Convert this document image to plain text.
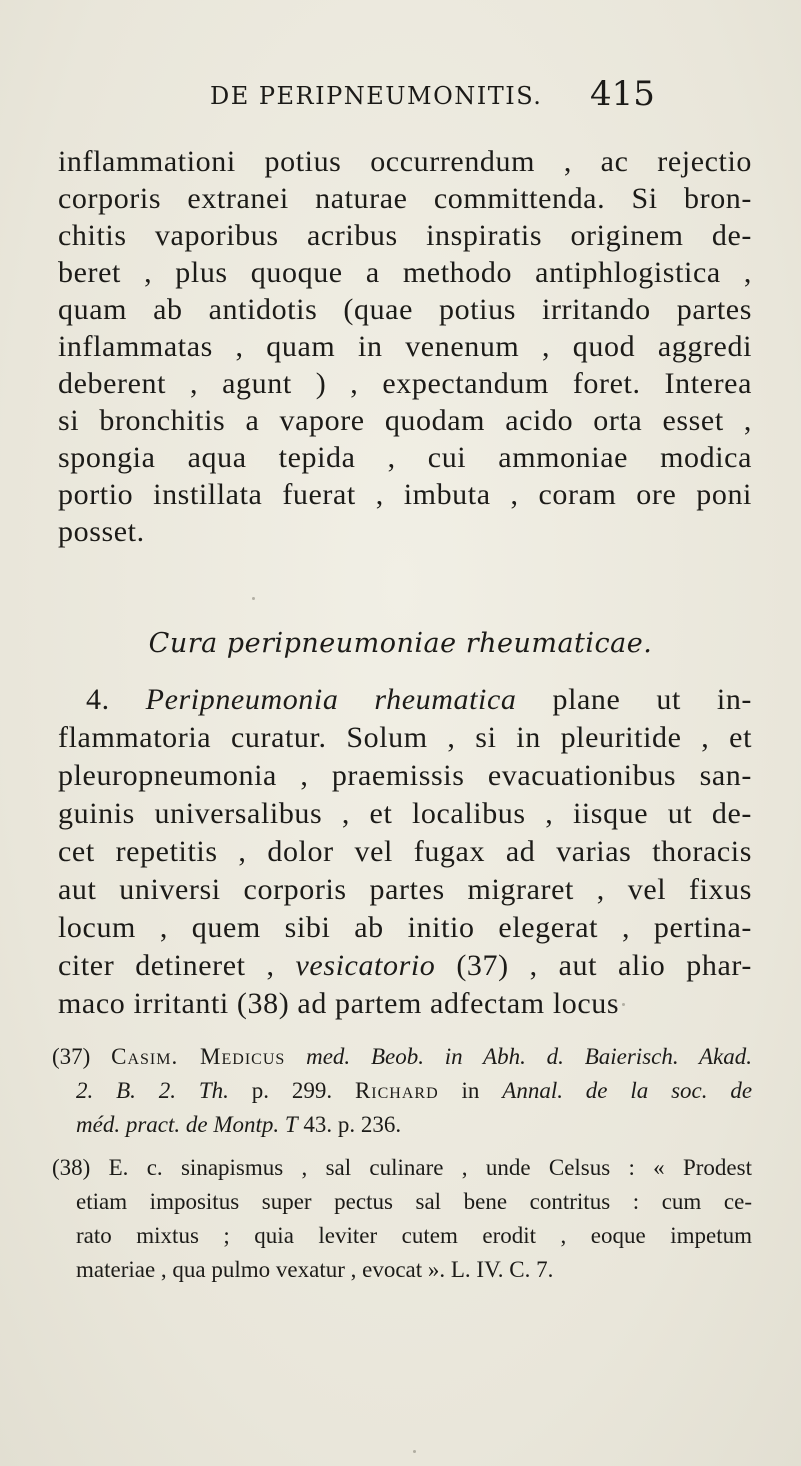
DE PERIPNEUMONITIS. 415
inflammationi potius occurrendum , ac rejectio
corporis extranei naturae committenda. Si bron-
chitis vaporibus acribus inspiratis originem de-
beret , plus quoque a methodo antiphlogistica ,
quam ab antidotis (quae potius irritando partes
inflammatas , quam in venenum , quod aggredi
deberent , agunt ) , expectandum foret. Interea
si bronchitis a vapore quodam acido orta esset ,
spongia aqua tepida , cui ammoniae modica
portio instillata fuerat , imbuta , coram ore poni
posset.
Cura peripneumoniae rheumaticae.
4. Peripneumonia rheumatica plane ut in-
flammatoria curatur. Solum , si in pleuritide , et
pleuropneumonia , praemissis evacuationibus san-
guinis universalibus , et localibus , iisque ut de-
cet repetitis , dolor vel fugax ad varias thoracis
aut universi corporis partes migraret , vel fixus
locum , quem sibi ab initio elegerat , pertina-
citer detineret , vesicatorio (37) , aut alio phar-
maco irritanti (38) ad partem adfectam locus
(37) Casim. Medicus med. Beob. in Abh. d. Baierisch. Akad.
2. B. 2. Th. p. 299. Richard in Annal. de la soc. de
méd. pract. de Montp. T 43. p. 236.
(38) E. c. sinapismus , sal culinare , unde Celsus : « Prodest
etiam impositus super pectus sal bene contritus : cum ce-
rato mixtus ; quia leviter cutem erodit , eoque impetum
materiae , qua pulmo vexatur , evocat ». L. IV. C. 7.
